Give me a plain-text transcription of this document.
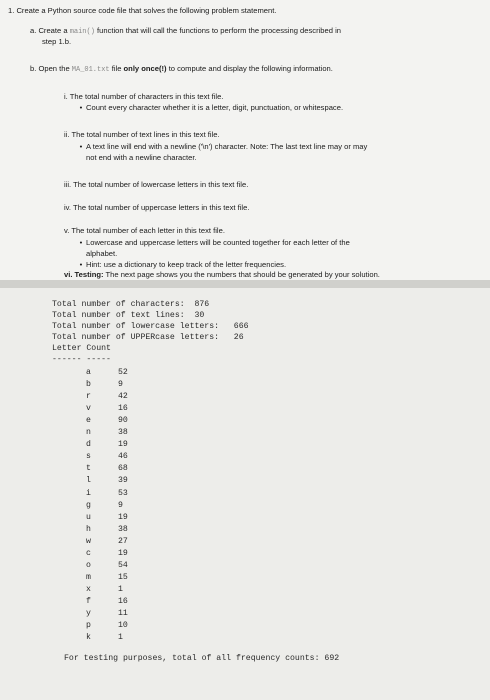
1. Create a Python source code file that solves the following problem statement.
a. Create a main() function that will call the functions to perform the processing described in
step 1.b.
b. Open the MA_01.txt file only once(!) to compute and display the following information.
i. The total number of characters in this text file.
• Count every character whether it is a letter, digit, punctuation, or whitespace.
ii. The total number of text lines in this text file.
• A text line will end with a newline ('\n') character. Note: The last text line may or may
not end with a newline character.
iii. The total number of lowercase letters in this text file.
iv. The total number of uppercase letters in this text file.
v. The total number of each letter in this text file.
• Lowercase and uppercase letters will be counted together for each letter of the
alphabet.
• Hint: use a dictionary to keep track of the letter frequencies.
vi. Testing: The next page shows you the numbers that should be generated by your solution.
Total number of characters:  876
Total number of text lines:  30
Total number of lowercase letters:   666
Total number of UPPERcase letters:   26
Letter Count
------ -----
a	52
b	9
r	42
v	16
e	90
n	38
d	19
s	46
t	68
l	39
i	53
g	9
u	19
h	38
w	27
c	19
o	54
m	15
x	1
f	16
y	11
p	10
k	1
For testing purposes, total of all frequency counts: 692
